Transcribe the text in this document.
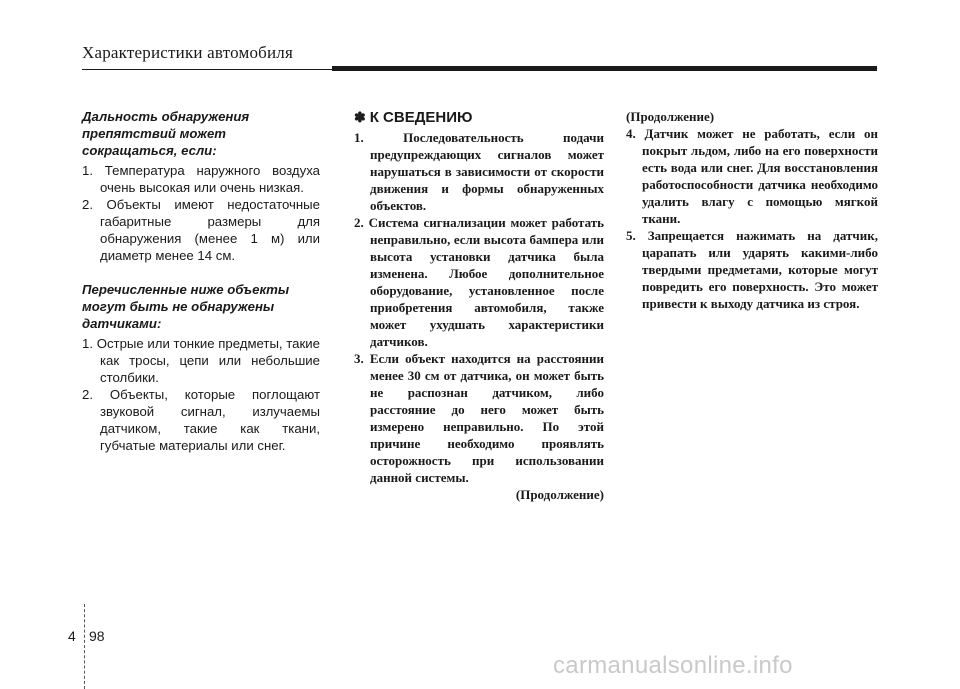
Характеристики автомобиля
Дальность обнаружения препятствий может сокращаться, если:
1. Температура наружного воздуха очень высокая или очень низкая.
2. Объекты имеют недостаточные габаритные размеры для обнаружения (менее 1 м) или диаметр менее 14 см.
Перечисленные ниже объекты могут быть не обнаружены датчиками:
1. Острые или тонкие предметы, такие как тросы, цепи или небольшие столбики.
2. Объекты, которые поглощают звуковой сигнал, излучаемы датчиком, такие как ткани, губчатые материалы или снег.
✽ К СВЕДЕНИЮ
1. Последовательность подачи предупреждающих сигналов может нарушаться в зависимости от скорости движения и формы обнаруженных объектов.
2. Система сигнализации может работать неправильно, если высота бампера или высота установки датчика была изменена. Любое дополнительное оборудование, установленное после приобретения автомобиля, также может ухудшать характеристики датчиков.
3. Если объект находится на расстоянии менее 30 см от датчика, он может быть не распознан датчиком, либо расстояние до него может быть измерено неправильно. По этой причине необходимо проявлять осторожность при использовании данной системы.
(Продолжение)
(Продолжение)
4. Датчик может не работать, если он покрыт льдом, либо на его поверхности есть вода или снег. Для восстановления работоспособности датчика необходимо удалить влагу с помощью мягкой ткани.
5. Запрещается нажимать на датчик, царапать или ударять какими-либо твердыми предметами, которые могут повредить его поверхность. Это может привести к выходу датчика из строя.
4 98
carmanualsonline.info
